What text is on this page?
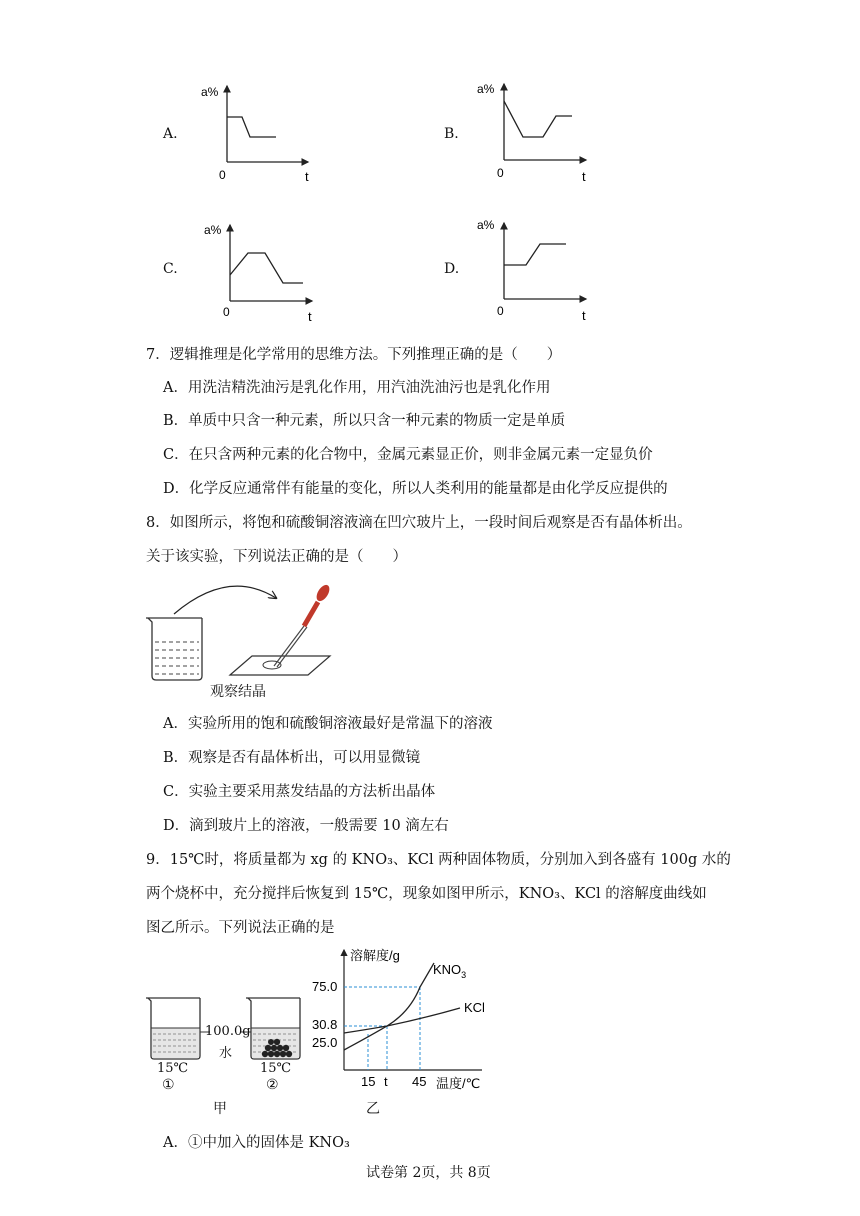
A.	B.
C.	D.
a%
0	t
a%
0	t
a%
0	t
a%
0	t
7．逻辑推理是化学常用的思维方法。下列推理正确的是（　　）
A．用洗洁精洗油污是乳化作用，用汽油洗油污也是乳化作用
B．单质中只含一种元素，所以只含一种元素的物质一定是单质
C．在只含两种元素的化合物中，金属元素显正价，则非金属元素一定显负价
D．化学反应通常伴有能量的变化，所以人类利用的能量都是由化学反应提供的
8．如图所示，将饱和硫酸铜溶液滴在凹穴玻片上，一段时间后观察是否有晶体析出。
关于该实验，下列说法正确的是（　　）
观察结晶
A．实验所用的饱和硫酸铜溶液最好是常温下的溶液
B．观察是否有晶体析出，可以用显微镜
C．实验主要采用蒸发结晶的方法析出晶体
D．滴到玻片上的溶液，一般需要 10 滴左右
9．15℃时，将质量都为 xg 的 KNO₃、KCl 两种固体物质，分别加入到各盛有 100g 水的
两个烧杯中，充分搅拌后恢复到 15℃，现象如图甲所示，KNO₃、KCl 的溶解度曲线如
图乙所示。下列说法正确的是
100.0g
水
15℃
①
15℃
②
甲
溶解度/g
75.0
30.8
25.0
15 t 45 温度/℃
$KNO_3$
KCl
乙
A．①中加入的固体是 KNO₃
试卷第 2页，共 8页
